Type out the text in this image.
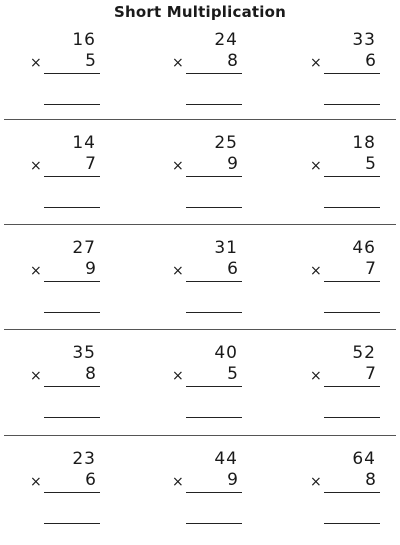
Short Multiplication
16
×	5
24
×	8
33
×	6
14
×	7
25
×	9
18
×	5
27
×	9
31
×	6
46
×	7
35
×	8
40
×	5
52
×	7
23
×	6
44
×	9
64
×	8
